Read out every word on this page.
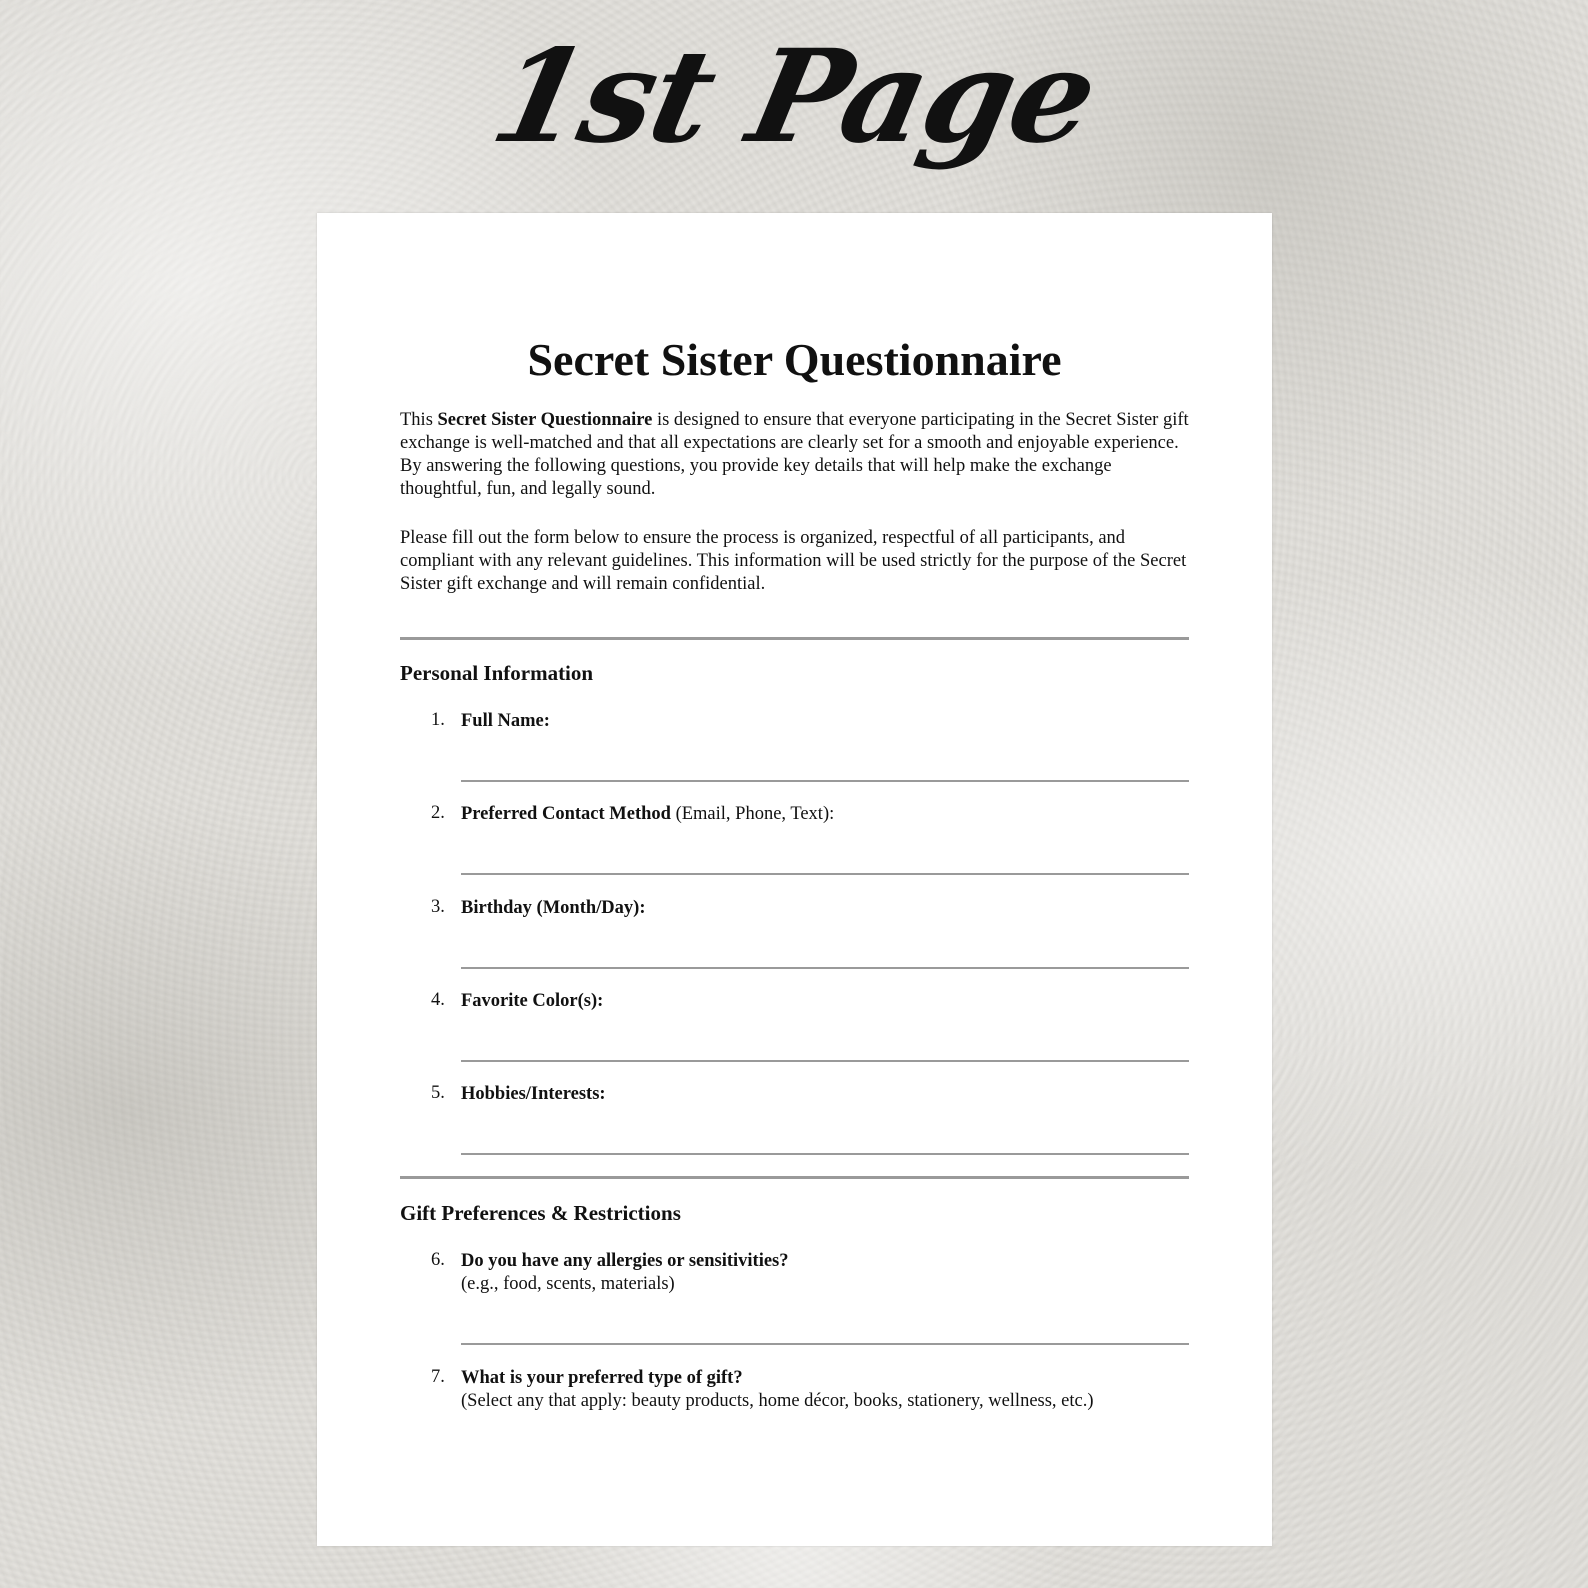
1st Page
Secret Sister Questionnaire
This Secret Sister Questionnaire is designed to ensure that everyone participating in the Secret Sister gift exchange is well-matched and that all expectations are clearly set for a smooth and enjoyable experience. By answering the following questions, you provide key details that will help make the exchange thoughtful, fun, and legally sound.
Please fill out the form below to ensure the process is organized, respectful of all participants, and compliant with any relevant guidelines. This information will be used strictly for the purpose of the Secret Sister gift exchange and will remain confidential.
Personal Information
1. Full Name:
2. Preferred Contact Method (Email, Phone, Text):
3. Birthday (Month/Day):
4. Favorite Color(s):
5. Hobbies/Interests:
Gift Preferences & Restrictions
6. Do you have any allergies or sensitivities?
(e.g., food, scents, materials)
7. What is your preferred type of gift?
(Select any that apply: beauty products, home décor, books, stationery, wellness, etc.)
